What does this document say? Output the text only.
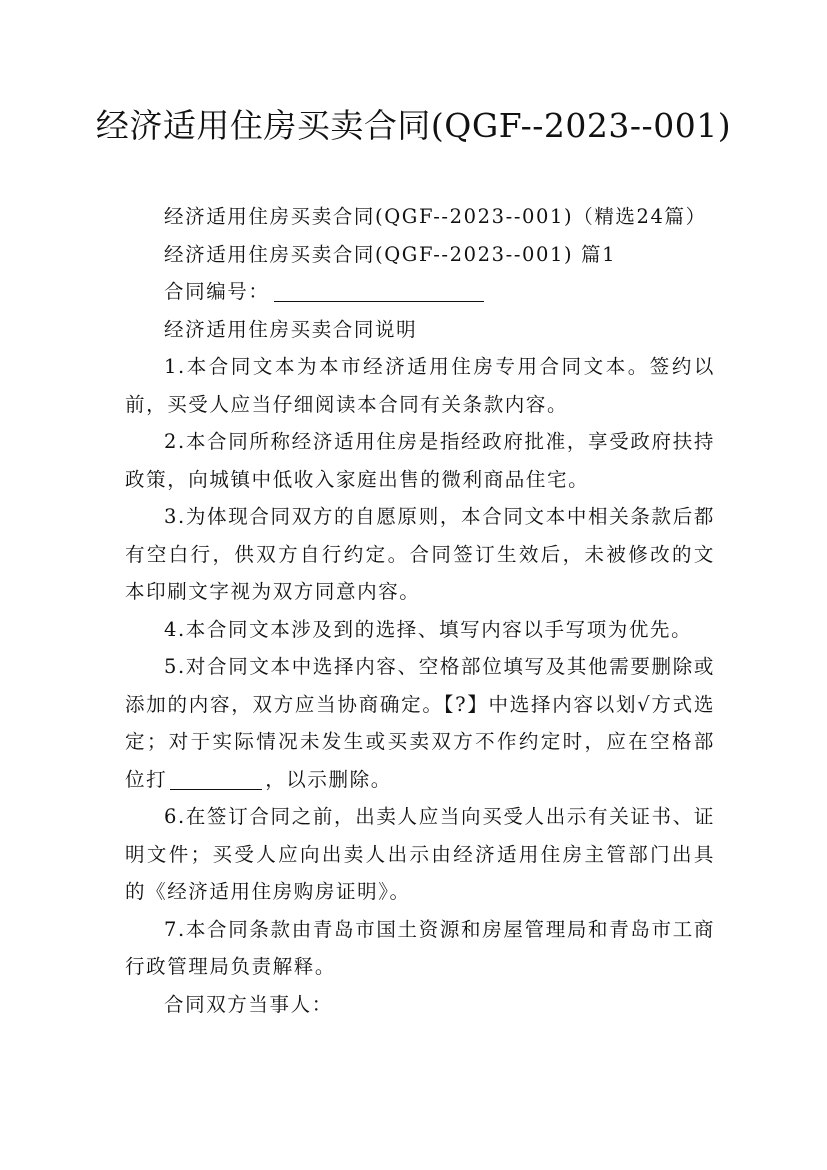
经济适用住房买卖合同(QGF--2023--001)

经济适用住房买卖合同(QGF--2023--001)（精选24篇）

经济适用住房买卖合同(QGF--2023--001) 篇1

合同编号：

经济适用住房买卖合同说明

1.本合同文本为本市经济适用住房专用合同文本。签约以前，买受人应当仔细阅读本合同有关条款内容。

2.本合同所称经济适用住房是指经政府批准，享受政府扶持政策，向城镇中低收入家庭出售的微利商品住宅。

3.为体现合同双方的自愿原则，本合同文本中相关条款后都有空白行，供双方自行约定。合同签订生效后，未被修改的文本印刷文字视为双方同意内容。

4.本合同文本涉及到的选择、填写内容以手写项为优先。

5.对合同文本中选择内容、空格部位填写及其他需要删除或添加的内容，双方应当协商确定。【?】中选择内容以划√方式选定；对于实际情况未发生或买卖双方不作约定时，应在空格部位打	，以示删除。

6.在签订合同之前，出卖人应当向买受人出示有关证书、证明文件；买受人应向出卖人出示由经济适用住房主管部门出具的《经济适用住房购房证明》。

7.本合同条款由青岛市国土资源和房屋管理局和青岛市工商行政管理局负责解释。

合同双方当事人：
